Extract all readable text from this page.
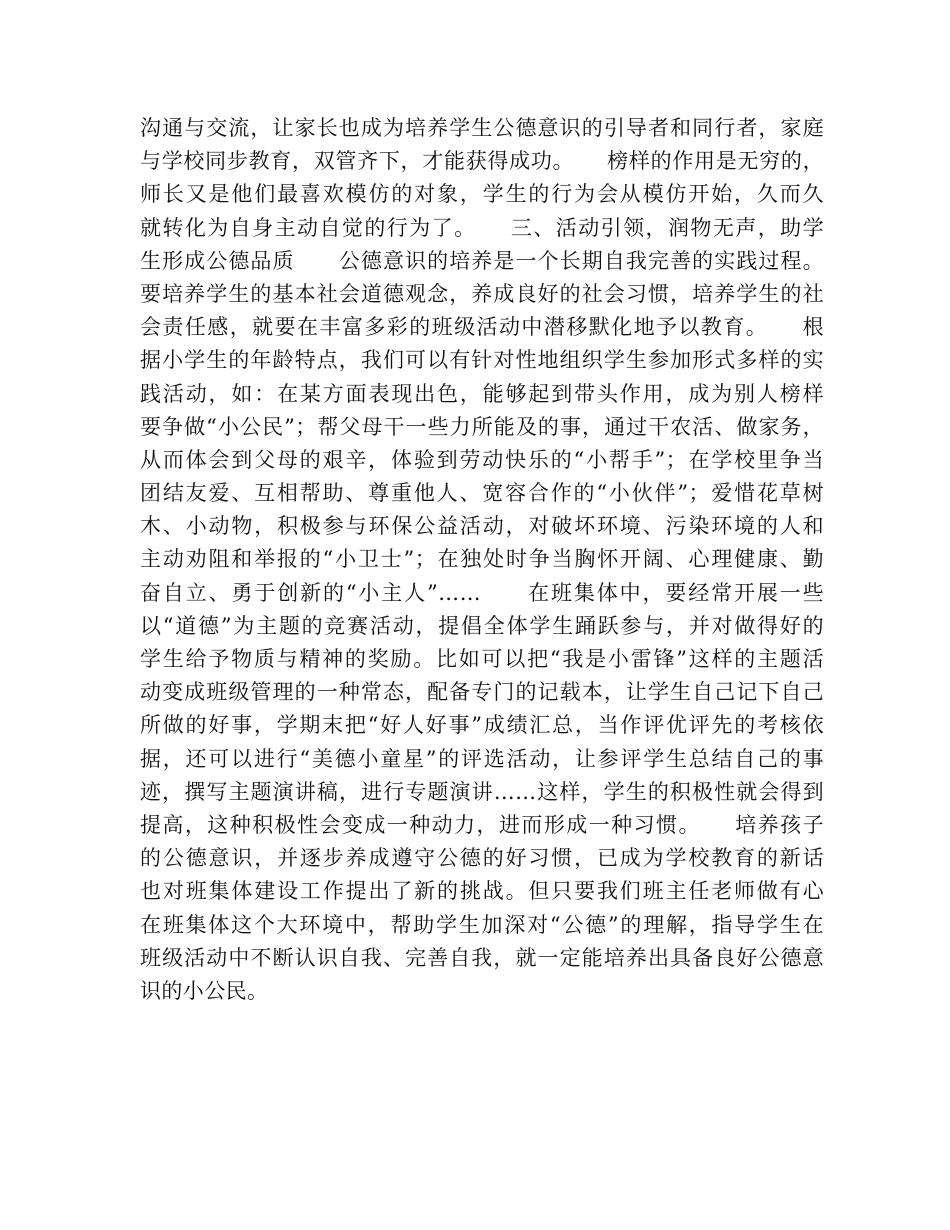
沟通与交流，让家长也成为培养学生公德意识的引导者和同行者，家庭
与学校同步教育，双管齐下，才能获得成功。　　榜样的作用是无穷的，
师长又是他们最喜欢模仿的对象，学生的行为会从模仿开始，久而久
就转化为自身主动自觉的行为了。　　三、活动引领，润物无声，助学
生形成公德品质　　公德意识的培养是一个长期自我完善的实践过程。
要培养学生的基本社会道德观念，养成良好的社会习惯，培养学生的社
会责任感，就要在丰富多彩的班级活动中潜移默化地予以教育。　　根
据小学生的年龄特点，我们可以有针对性地组织学生参加形式多样的实
践活动，如：在某方面表现出色，能够起到带头作用，成为别人榜样
要争做“小公民”；帮父母干一些力所能及的事，通过干农活、做家务，
从而体会到父母的艰辛，体验到劳动快乐的“小帮手”；在学校里争当
团结友爱、互相帮助、尊重他人、宽容合作的“小伙伴”；爱惜花草树
木、小动物，积极参与环保公益活动，对破坏环境、污染环境的人和
主动劝阻和举报的“小卫士”；在独处时争当胸怀开阔、心理健康、勤
奋自立、勇于创新的“小主人”……　　在班集体中，要经常开展一些
以“道德”为主题的竞赛活动，提倡全体学生踊跃参与，并对做得好的
学生给予物质与精神的奖励。比如可以把“我是小雷锋”这样的主题活
动变成班级管理的一种常态，配备专门的记载本，让学生自己记下自己
所做的好事，学期末把“好人好事”成绩汇总，当作评优评先的考核依
据，还可以进行“美德小童星”的评选活动，让参评学生总结自己的事
迹，撰写主题演讲稿，进行专题演讲……这样，学生的积极性就会得到
提高，这种积极性会变成一种动力，进而形成一种习惯。　　培养孩子
的公德意识，并逐步养成遵守公德的好习惯，已成为学校教育的新话
也对班集体建设工作提出了新的挑战。但只要我们班主任老师做有心
在班集体这个大环境中，帮助学生加深对“公德”的理解，指导学生在
班级活动中不断认识自我、完善自我，就一定能培养出具备良好公德意
识的小公民。
